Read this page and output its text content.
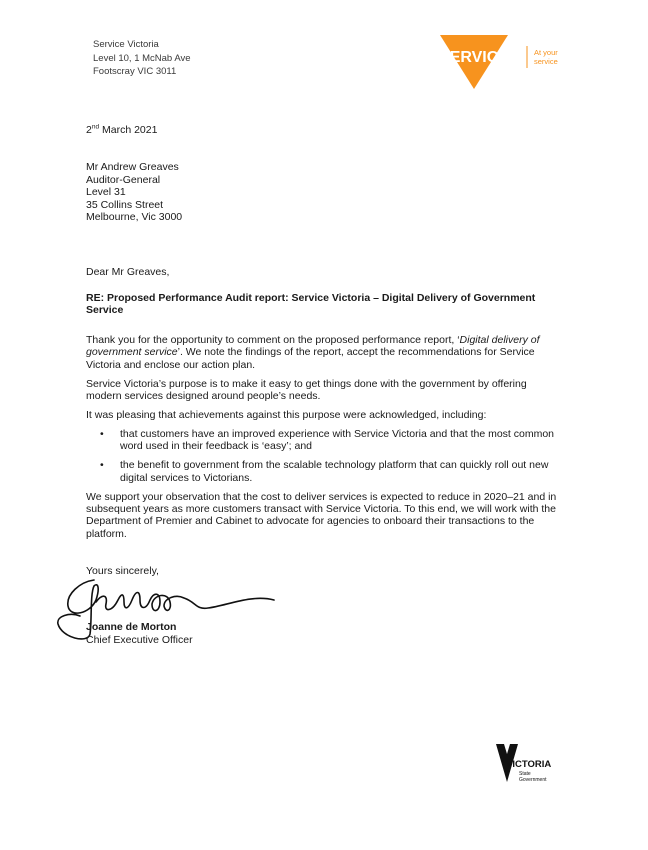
Service Victoria
Level 10, 1 McNab Ave
Footscray VIC 3011
SERVICE	At your
service
2nd March 2021
Mr Andrew Greaves
Auditor-General
Level 31
35 Collins Street
Melbourne, Vic 3000
Dear Mr Greaves,
RE: Proposed Performance Audit report: Service Victoria – Digital Delivery of Government Service

Thank you for the opportunity to comment on the proposed performance report, ‘Digital delivery of government service’. We note the findings of the report, accept the recommendations for Service Victoria and enclose our action plan.

Service Victoria’s purpose is to make it easy to get things done with the government by offering modern services designed around people’s needs.

It was pleasing that achievements against this purpose were acknowledged, including:

• that customers have an improved experience with Service Victoria and that the most common word used in their feedback is ‘easy’; and
• the benefit to government from the scalable technology platform that can quickly roll out new digital services to Victorians.

We support your observation that the cost to deliver services is expected to reduce in 2020–21 and in subsequent years as more customers transact with Service Victoria. To this end, we will work with the Department of Premier and Cabinet to advocate for agencies to onboard their transactions to the platform.

Yours sincerely,
Joanne de Morton
Chief Executive Officer
VICTORIA
State
Government
